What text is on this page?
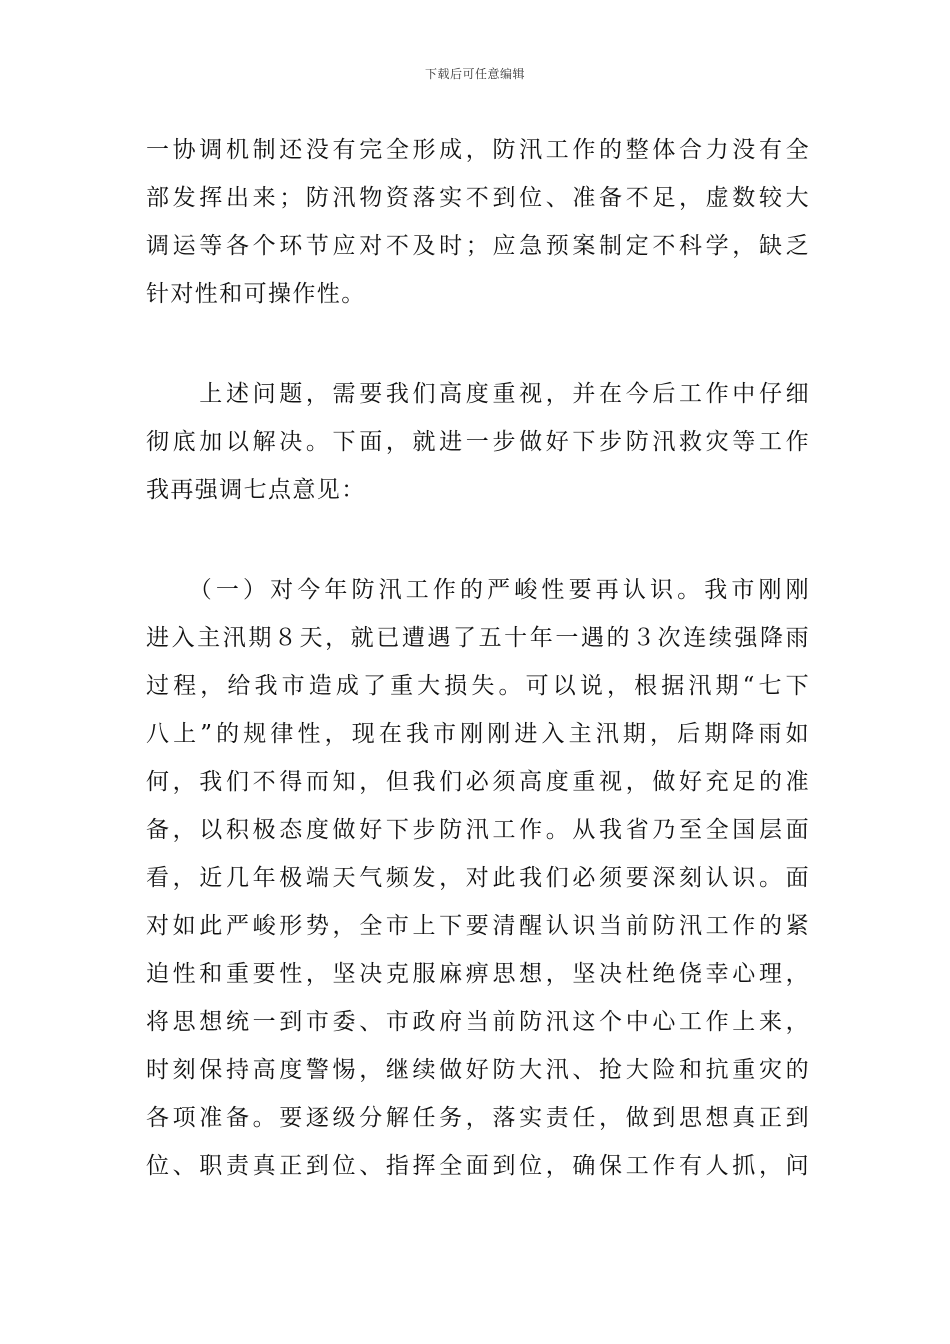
下载后可任意编辑
一协调机制还没有完全形成，防汛工作的整体合力没有全
部发挥出来；防汛物资落实不到位、准备不足，虚数较大
调运等各个环节应对不及时；应急预案制定不科学，缺乏
针对性和可操作性。
　　上述问题，需要我们高度重视，并在今后工作中仔细
彻底加以解决。下面，就进一步做好下步防汛救灾等工作
我再强调七点意见：
　　（一）对今年防汛工作的严峻性要再认识。我市刚刚
进入主汛期８天，就已遭遇了五十年一遇的３次连续强降雨
过程，给我市造成了重大损失。可以说，根据汛期“七下
八上”的规律性，现在我市刚刚进入主汛期，后期降雨如
何，我们不得而知，但我们必须高度重视，做好充足的准
备，以积极态度做好下步防汛工作。从我省乃至全国层面
看，近几年极端天气频发，对此我们必须要深刻认识。面
对如此严峻形势，全市上下要清醒认识当前防汛工作的紧
迫性和重要性，坚决克服麻痹思想，坚决杜绝侥幸心理，
将思想统一到市委、市政府当前防汛这个中心工作上来，
时刻保持高度警惕，继续做好防大汛、抢大险和抗重灾的
各项准备。要逐级分解任务，落实责任，做到思想真正到
位、职责真正到位、指挥全面到位，确保工作有人抓，问
